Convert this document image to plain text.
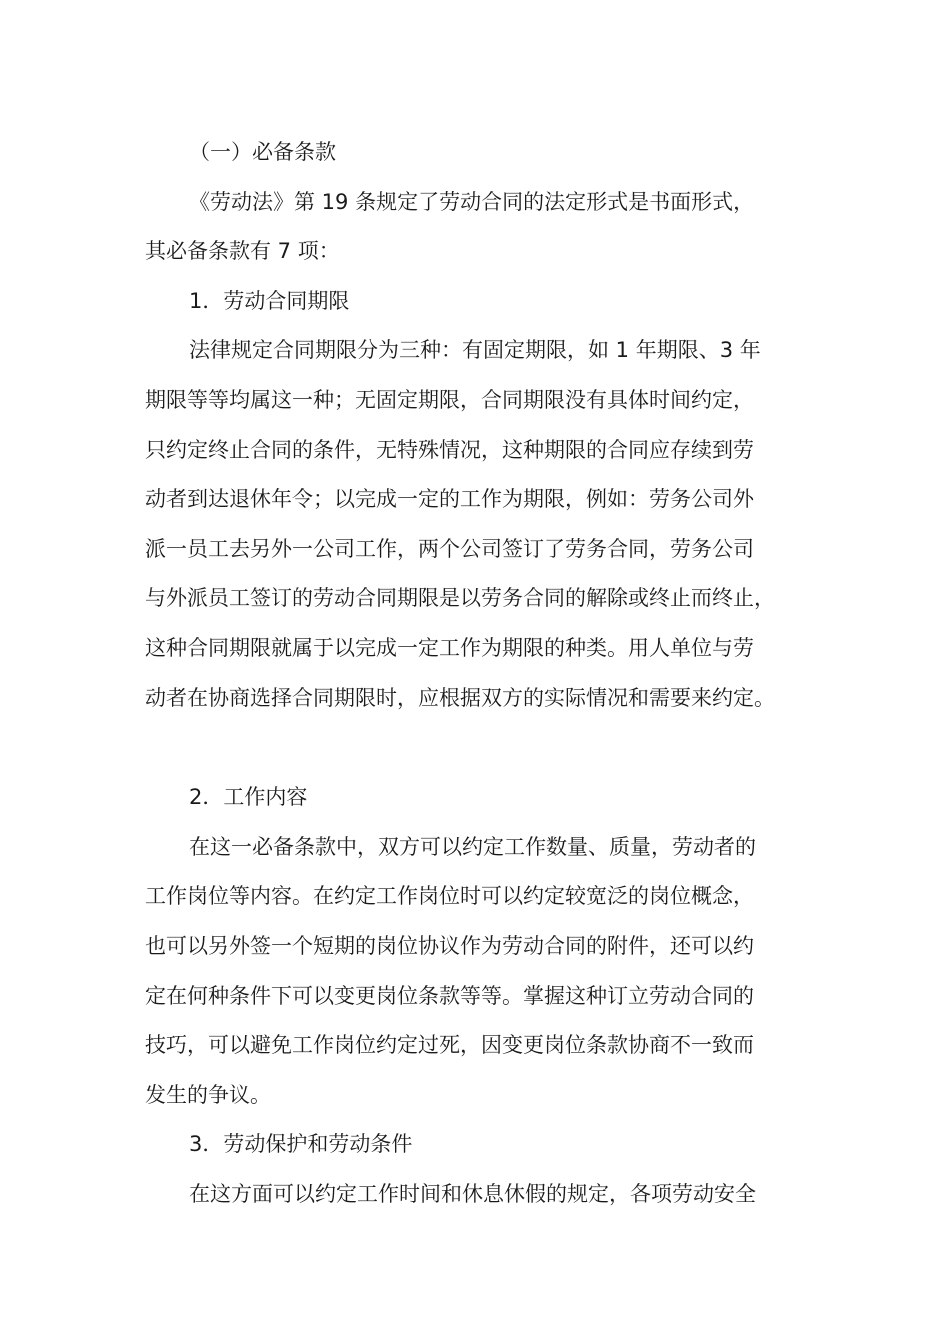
（一）必备条款

《劳动法》第 19 条规定了劳动合同的法定形式是书面形式，

其必备条款有 7 项：

1．劳动合同期限

法律规定合同期限分为三种：有固定期限，如 1 年期限、3 年

期限等等均属这一种；无固定期限，合同期限没有具体时间约定，

只约定终止合同的条件，无特殊情况，这种期限的合同应存续到劳

动者到达退休年令；以完成一定的工作为期限，例如：劳务公司外

派一员工去另外一公司工作，两个公司签订了劳务合同，劳务公司

与外派员工签订的劳动合同期限是以劳务合同的解除或终止而终止，

这种合同期限就属于以完成一定工作为期限的种类。用人单位与劳

动者在协商选择合同期限时，应根据双方的实际情况和需要来约定。

2．工作内容

在这一必备条款中，双方可以约定工作数量、质量，劳动者的

工作岗位等内容。在约定工作岗位时可以约定较宽泛的岗位概念，

也可以另外签一个短期的岗位协议作为劳动合同的附件，还可以约

定在何种条件下可以变更岗位条款等等。掌握这种订立劳动合同的

技巧，可以避免工作岗位约定过死，因变更岗位条款协商不一致而

发生的争议。

3．劳动保护和劳动条件

在这方面可以约定工作时间和休息休假的规定，各项劳动安全
